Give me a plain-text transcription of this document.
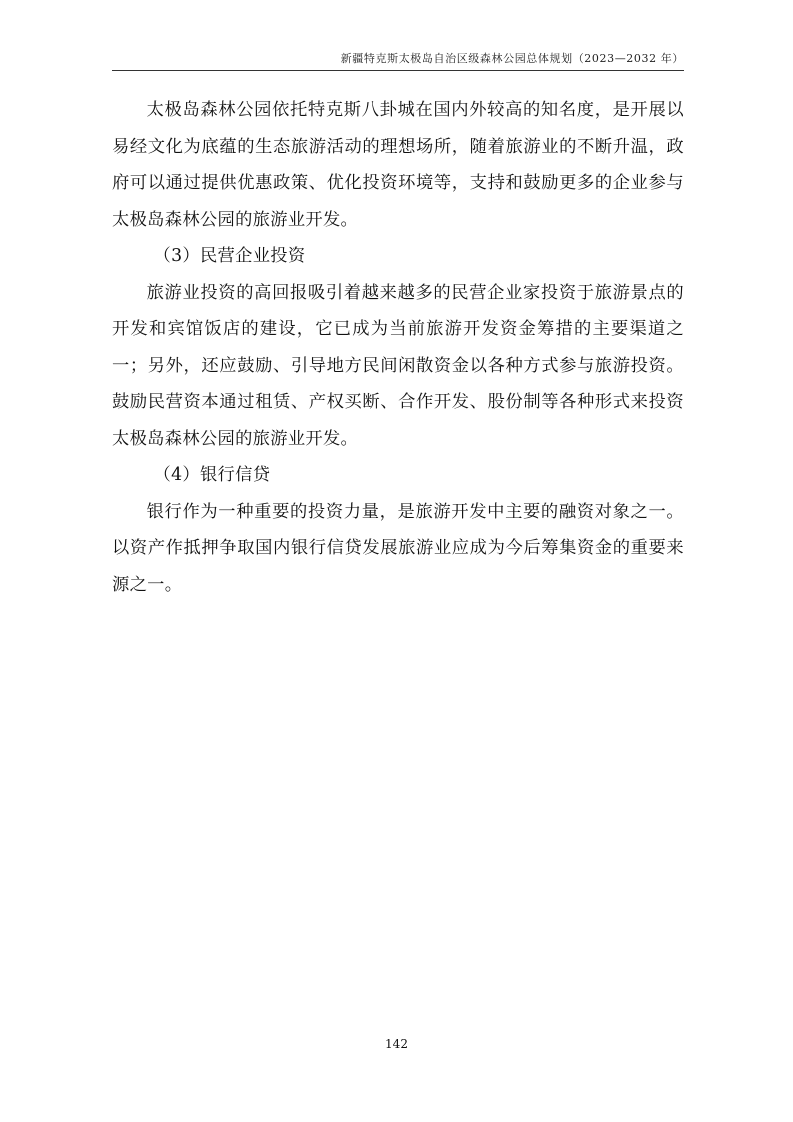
新疆特克斯太极岛自治区级森林公园总体规划（2023—2032 年）

太极岛森林公园依托特克斯八卦城在国内外较高的知名度，是开展以易经文化为底蕴的生态旅游活动的理想场所，随着旅游业的不断升温，政府可以通过提供优惠政策、优化投资环境等，支持和鼓励更多的企业参与太极岛森林公园的旅游业开发。

（3）民营企业投资

旅游业投资的高回报吸引着越来越多的民营企业家投资于旅游景点的开发和宾馆饭店的建设，它已成为当前旅游开发资金筹措的主要渠道之一；另外，还应鼓励、引导地方民间闲散资金以各种方式参与旅游投资。鼓励民营资本通过租赁、产权买断、合作开发、股份制等各种形式来投资太极岛森林公园的旅游业开发。

（4）银行信贷

银行作为一种重要的投资力量，是旅游开发中主要的融资对象之一。以资产作抵押争取国内银行信贷发展旅游业应成为今后筹集资金的重要来源之一。

142
